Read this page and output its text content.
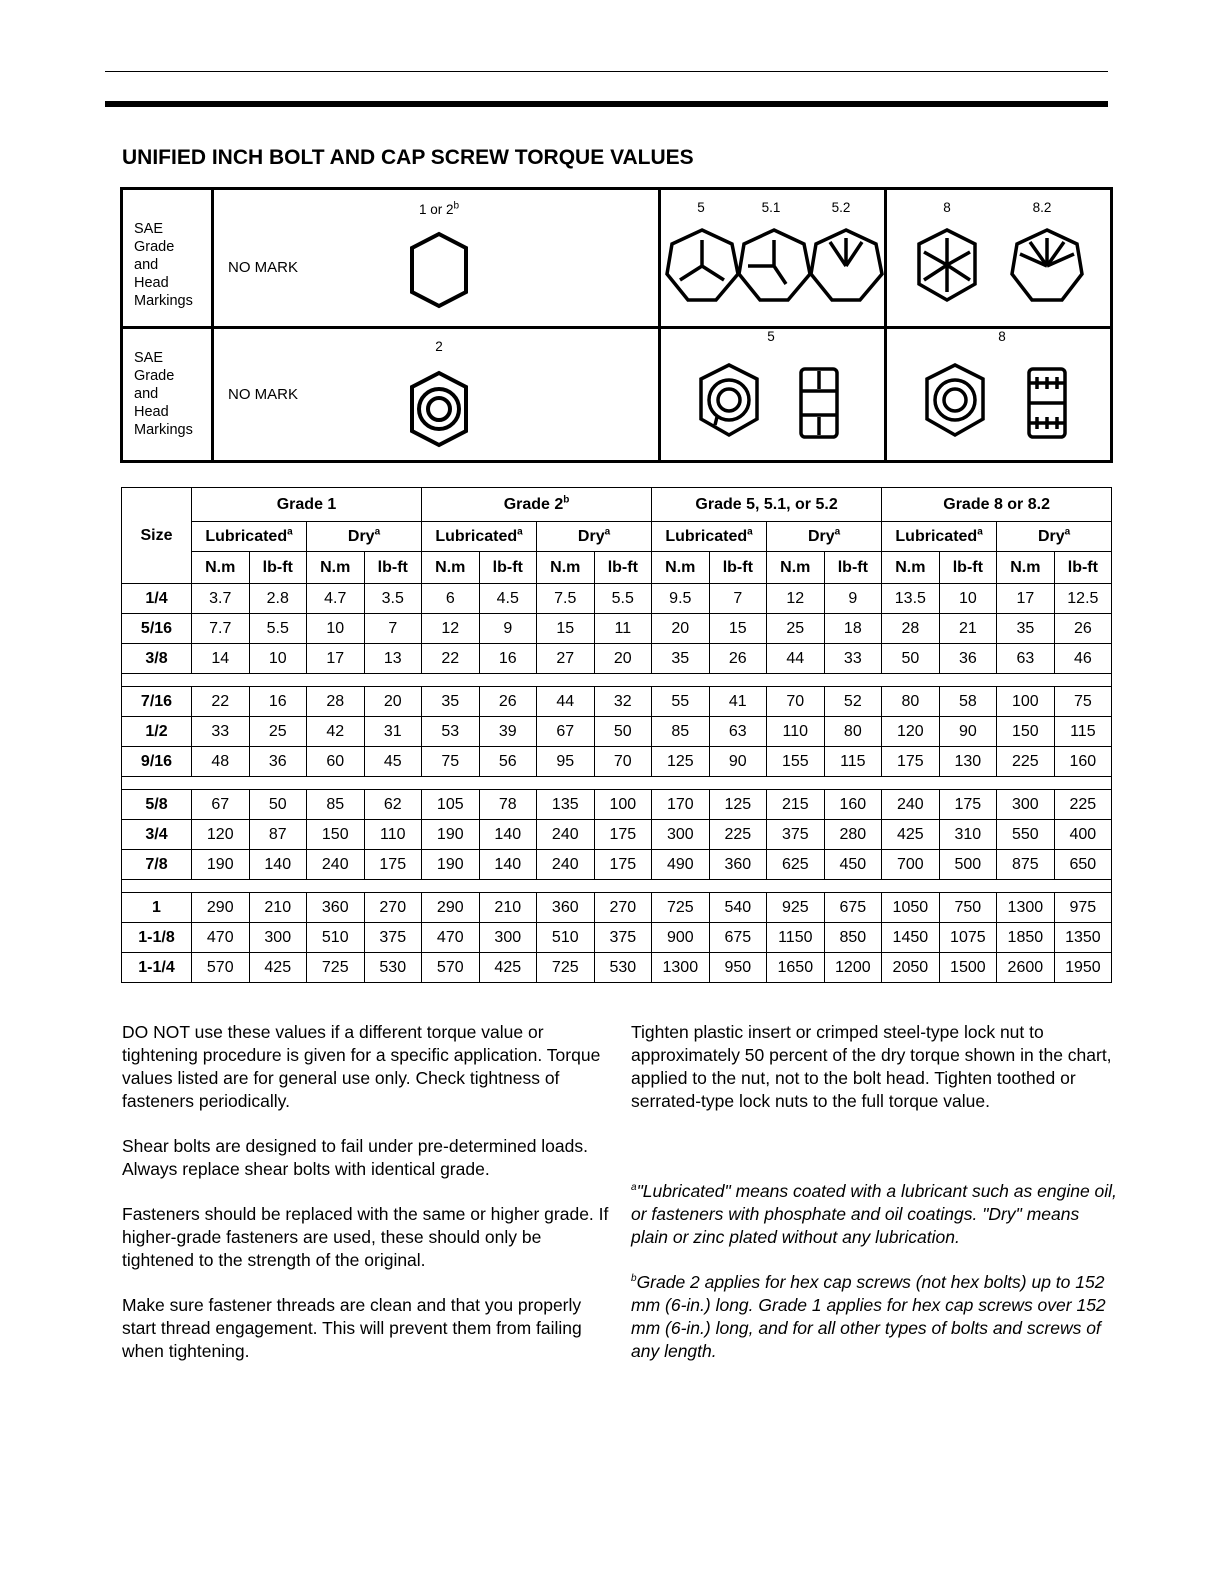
UNIFIED INCH BOLT AND CAP SCREW TORQUE VALUES
SAE
Grade
and
Head
Markings
NO MARK
1 or 2$^b$	5	5.1	5.2	8	8.2
SAE
Grade
and
Head
Markings
NO MARK
2
5	8
Size	Grade 1				Grade 2$^b$				Grade 5, 5.1, or 5.2				Grade 8 or 8.2			
	Lubricated$^a$		Dry$^a$		Lubricated$^a$		Dry$^a$		Lubricated$^a$		Dry$^a$		Lubricated$^a$		Dry$^a$
	N.m	lb-ft	N.m	lb-ft	N.m	lb-ft	N.m	lb-ft	N.m	lb-ft	N.m	lb-ft	N.m	lb-ft	N.m	lb-ft
1/4	3.7	2.8	4.7	3.5	6	4.5	7.5	5.5	9.5	7	12	9	13.5	10	17	12.5
5/16	7.7	5.5	10	7	12	9	15	11	20	15	25	18	28	21	35	26
3/8	14	10	17	13	22	16	27	20	35	26	44	33	50	36	63	46

7/16	22	16	28	20	35	26	44	32	55	41	70	52	80	58	100	75
1/2	33	25	42	31	53	39	67	50	85	63	110	80	120	90	150	115
9/16	48	36	60	45	75	56	95	70	125	90	155	115	175	130	225	160

5/8	67	50	85	62	105	78	135	100	170	125	215	160	240	175	300	225
3/4	120	87	150	110	190	140	240	175	300	225	375	280	425	310	550	400
7/8	190	140	240	175	190	140	240	175	490	360	625	450	700	500	875	650

1	290	210	360	270	290	210	360	270	725	540	925	675	1050	750	1300	975
1-1/8	470	300	510	375	470	300	510	375	900	675	1150	850	1450	1075	1850	1350
1-1/4	570	425	725	530	570	425	725	530	1300	950	1650	1200	2050	1500	2600	1950

DO NOT use these values if a different torque value or tightening procedure is given for a specific application. Torque values listed are for general use only. Check tightness of fasteners periodically.

Shear bolts are designed to fail under pre-determined loads. Always replace shear bolts with identical grade.

Fasteners should be replaced with the same or higher grade. If higher-grade fasteners are used, these should only be tightened to the strength of the original.

Make sure fastener threads are clean and that you properly start thread engagement. This will prevent them from failing when tightening.

Tighten plastic insert or crimped steel-type lock nut to approximately 50 percent of the dry torque shown in the chart, applied to the nut, not to the bolt head. Tighten toothed or serrated-type lock nuts to the full torque value.

$^a$"Lubricated" means coated with a lubricant such as engine oil, or fasteners with phosphate and oil coatings. "Dry" means plain or zinc plated without any lubrication.

$^b$Grade 2 applies for hex cap screws (not hex bolts) up to 152 mm (6-in.) long. Grade 1 applies for hex cap screws over 152 mm (6-in.) long, and for all other types of bolts and screws of any length.
